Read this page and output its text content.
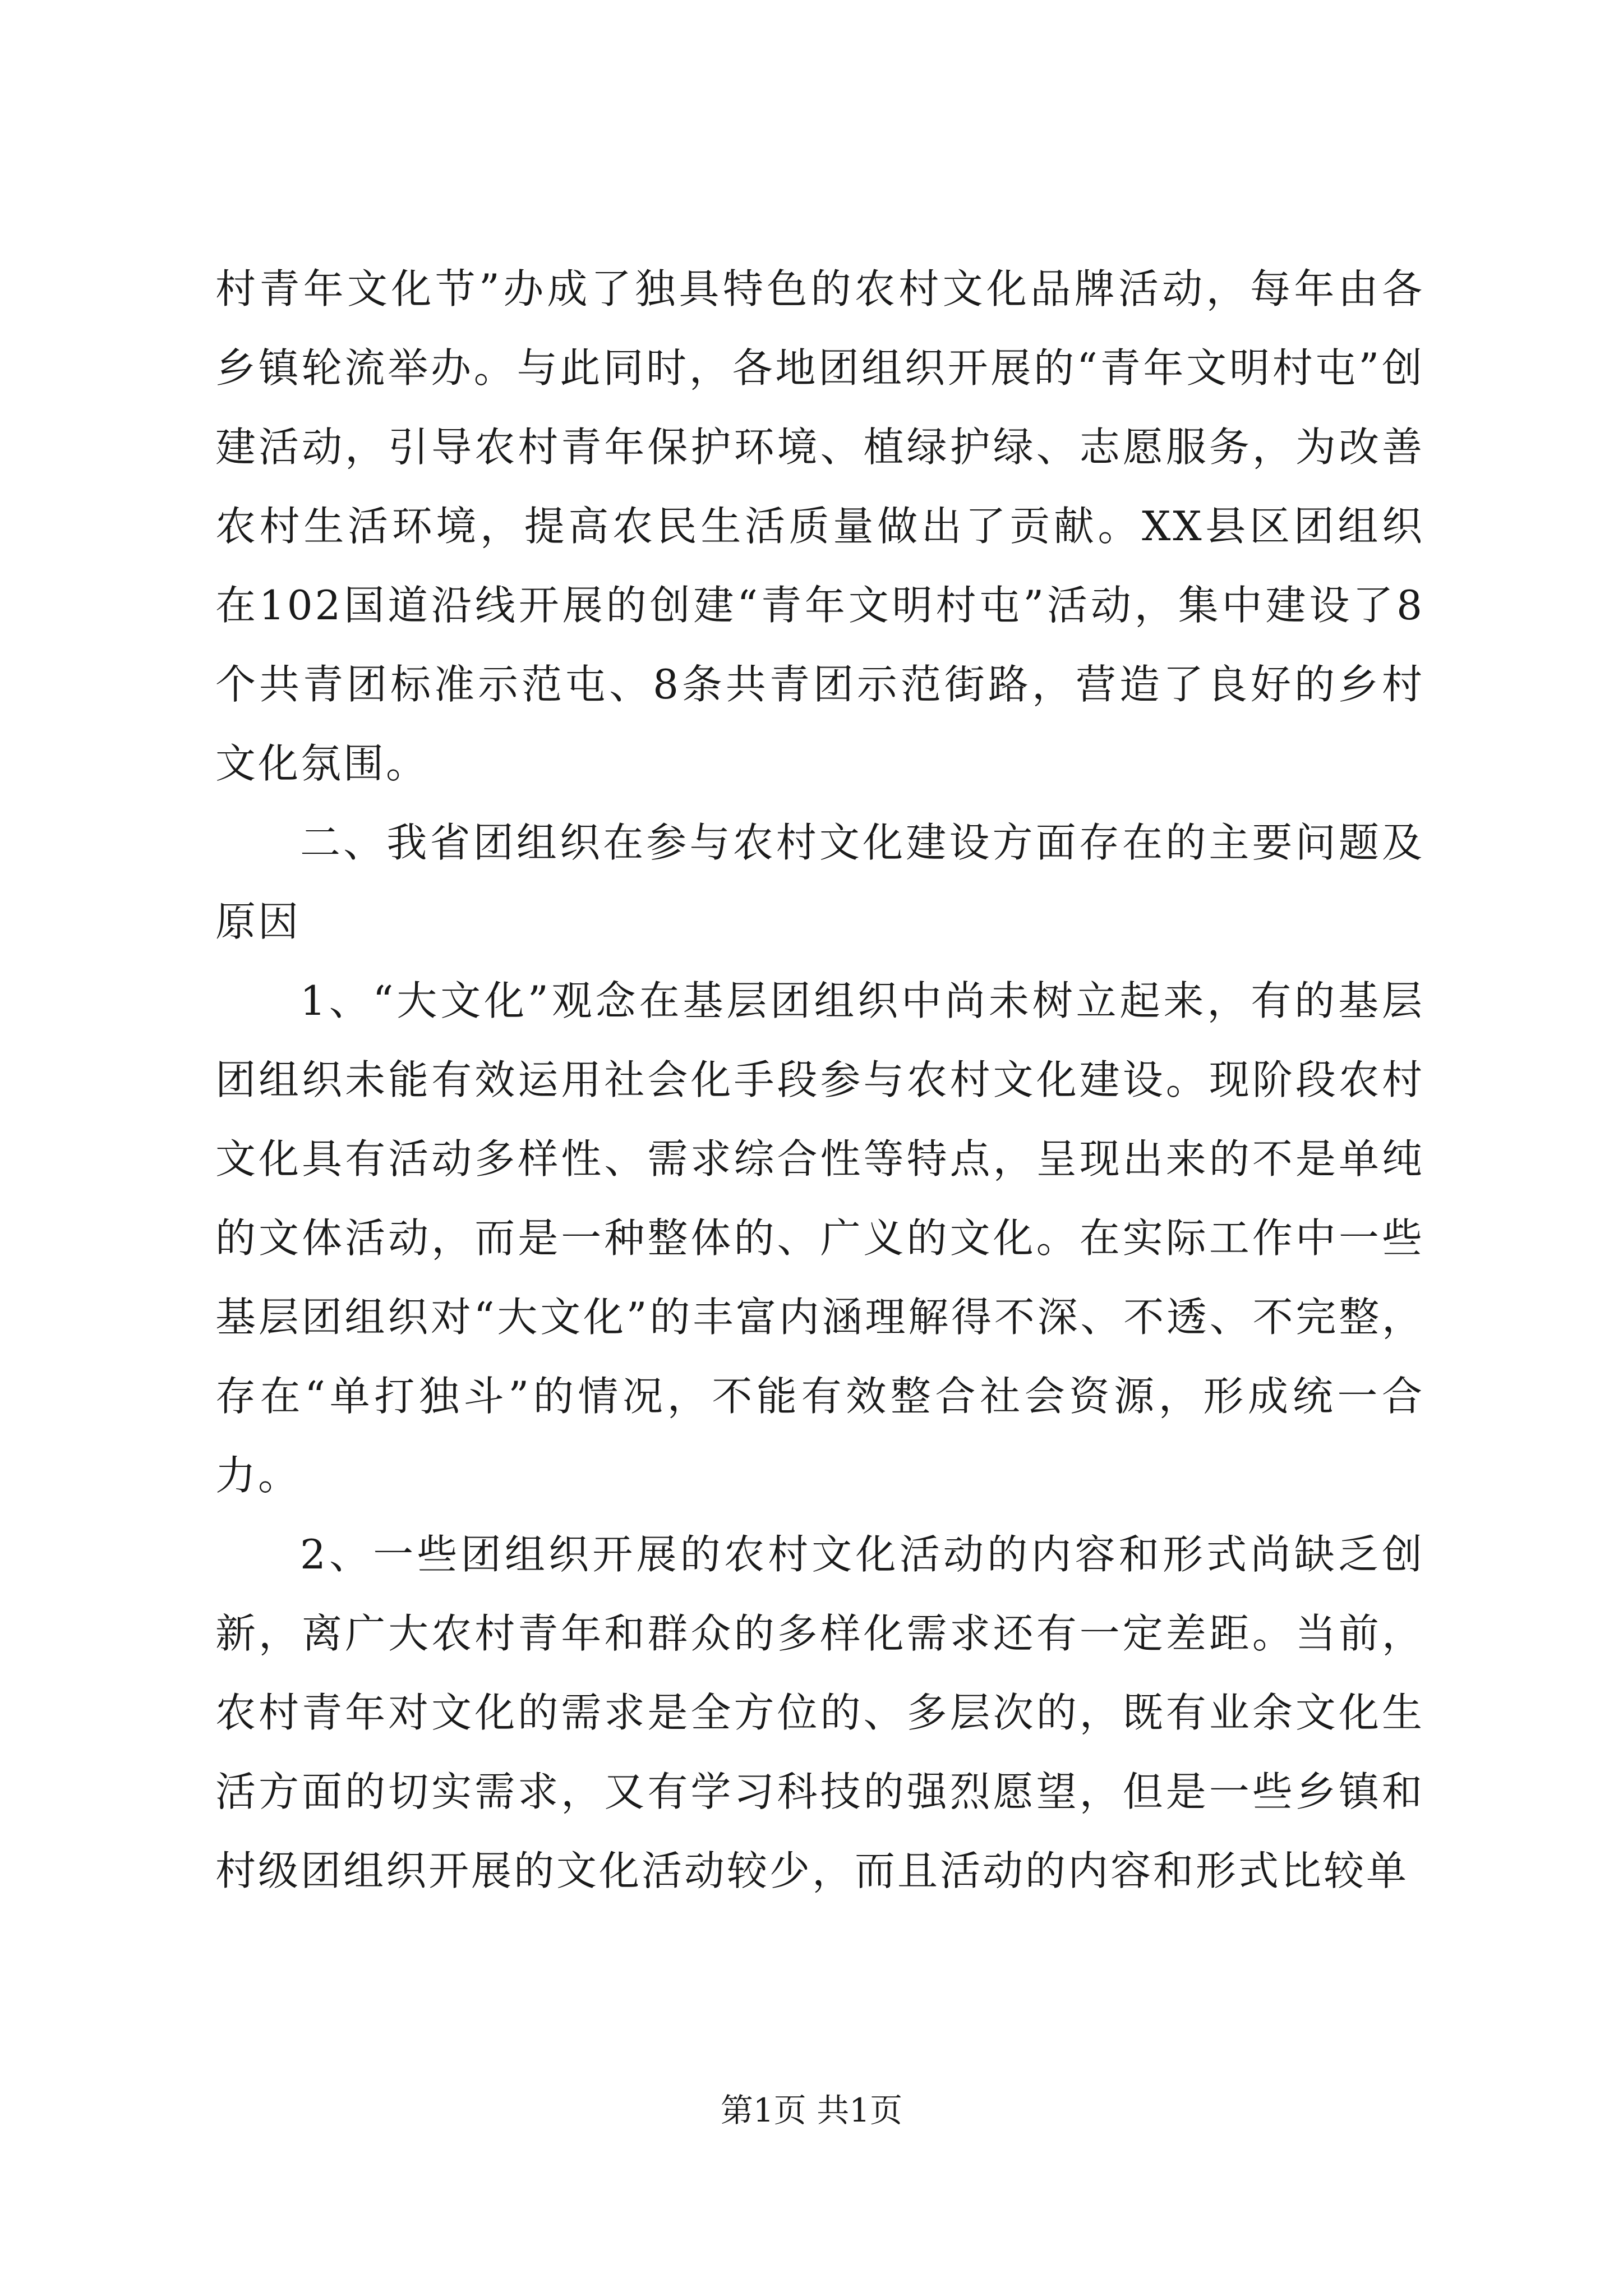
村青年文化节”办成了独具特色的农村文化品牌活动，每年由各乡镇轮流举办。与此同时，各地团组织开展的“青年文明村屯”创建活动，引导农村青年保护环境、植绿护绿、志愿服务，为改善农村生活环境，提高农民生活质量做出了贡献。XX县区团组织在102国道沿线开展的创建“青年文明村屯”活动，集中建设了8个共青团标准示范屯、8条共青团示范街路，营造了良好的乡村文化氛围。

二、我省团组织在参与农村文化建设方面存在的主要问题及原因

1、“大文化”观念在基层团组织中尚未树立起来，有的基层团组织未能有效运用社会化手段参与农村文化建设。现阶段农村文化具有活动多样性、需求综合性等特点，呈现出来的不是单纯的文体活动，而是一种整体的、广义的文化。在实际工作中一些基层团组织对“大文化”的丰富内涵理解得不深、不透、不完整，存在“单打独斗”的情况，不能有效整合社会资源，形成统一合力。

2、一些团组织开展的农村文化活动的内容和形式尚缺乏创新，离广大农村青年和群众的多样化需求还有一定差距。当前，农村青年对文化的需求是全方位的、多层次的，既有业余文化生活方面的切实需求，又有学习科技的强烈愿望，但是一些乡镇和村级团组织开展的文化活动较少，而且活动的内容和形式比较单

第1页 共1页
